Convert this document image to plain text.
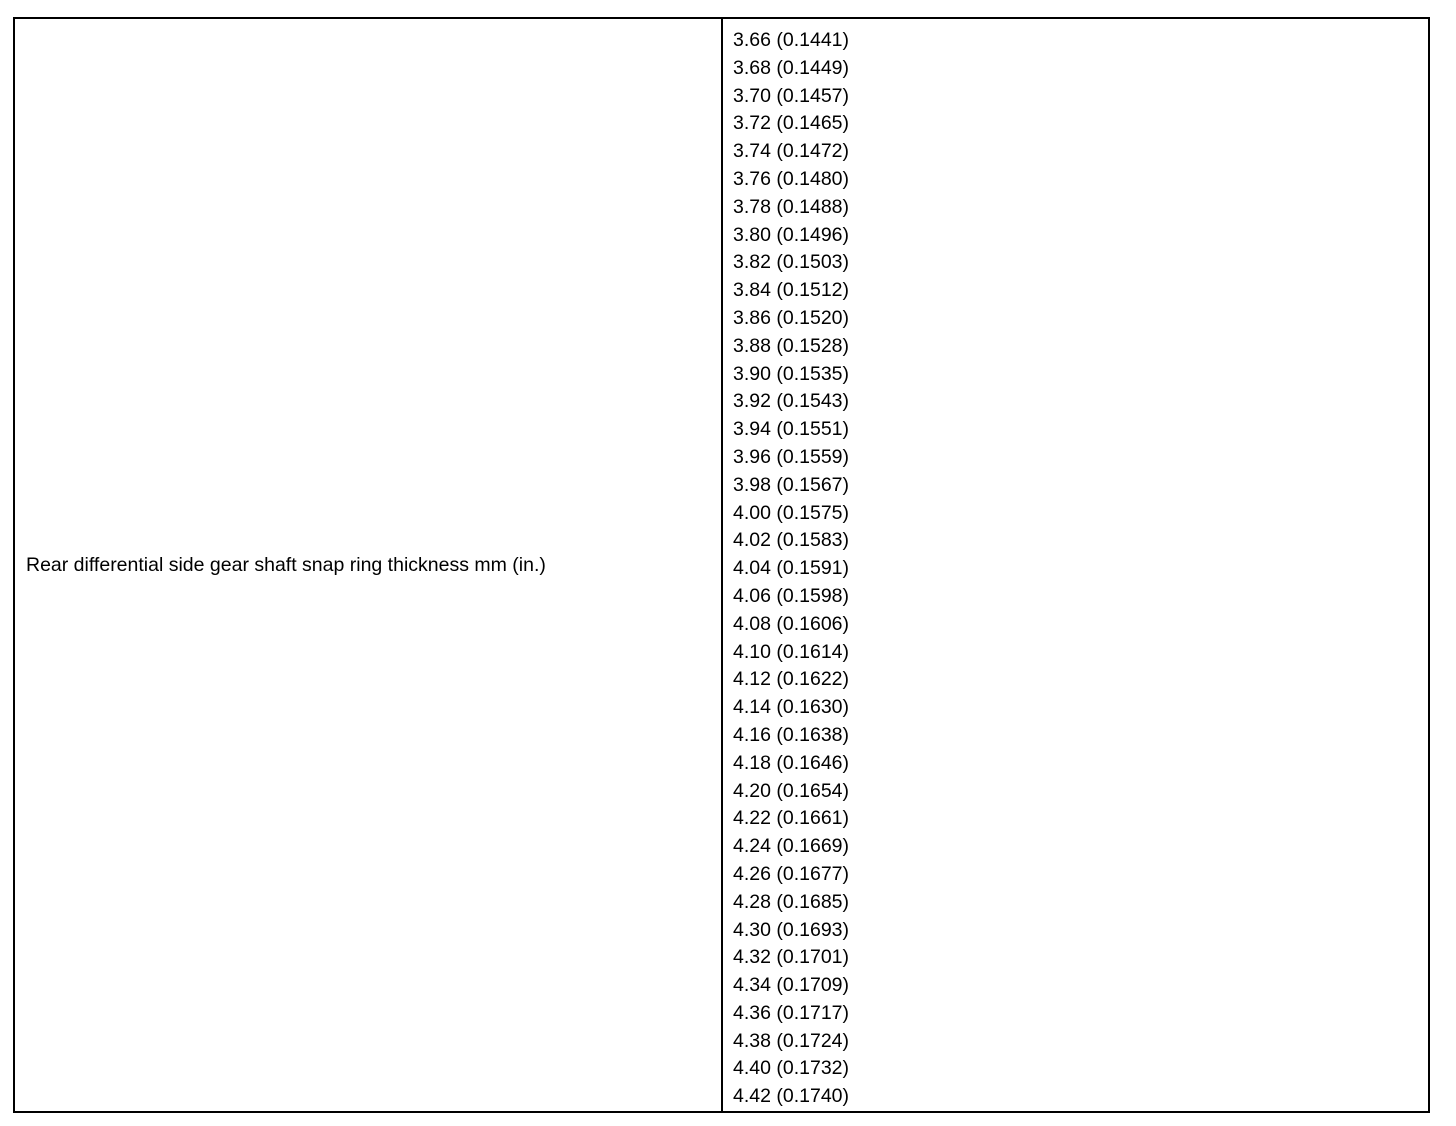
Rear differential side gear shaft snap ring thickness mm (in.)
3.66 (0.1441)
3.68 (0.1449)
3.70 (0.1457)
3.72 (0.1465)
3.74 (0.1472)
3.76 (0.1480)
3.78 (0.1488)
3.80 (0.1496)
3.82 (0.1503)
3.84 (0.1512)
3.86 (0.1520)
3.88 (0.1528)
3.90 (0.1535)
3.92 (0.1543)
3.94 (0.1551)
3.96 (0.1559)
3.98 (0.1567)
4.00 (0.1575)
4.02 (0.1583)
4.04 (0.1591)
4.06 (0.1598)
4.08 (0.1606)
4.10 (0.1614)
4.12 (0.1622)
4.14 (0.1630)
4.16 (0.1638)
4.18 (0.1646)
4.20 (0.1654)
4.22 (0.1661)
4.24 (0.1669)
4.26 (0.1677)
4.28 (0.1685)
4.30 (0.1693)
4.32 (0.1701)
4.34 (0.1709)
4.36 (0.1717)
4.38 (0.1724)
4.40 (0.1732)
4.42 (0.1740)
